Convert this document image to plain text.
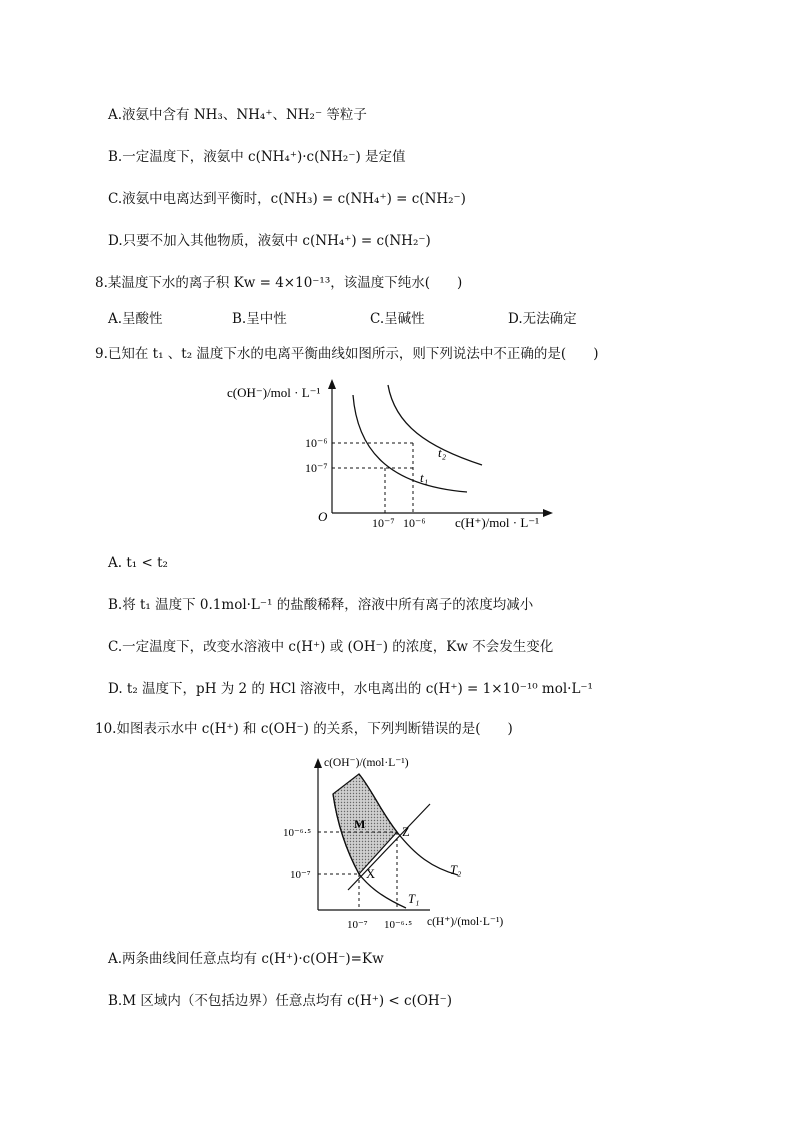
A.液氨中含有 NH₃、NH₄⁺、NH₂⁻ 等粒子
B.一定温度下，液氨中 c(NH₄⁺)·c(NH₂⁻) 是定值
C.液氨中电离达到平衡时，c(NH₃) = c(NH₄⁺) = c(NH₂⁻)
D.只要不加入其他物质，液氨中 c(NH₄⁺) = c(NH₂⁻)
8.某温度下水的离子积 Kw = 4×10⁻¹³，该温度下纯水(　　)
A.呈酸性	B.呈中性	C.呈碱性	D.无法确定
9.已知在 t₁ 、t₂ 温度下水的电离平衡曲线如图所示，则下列说法中不正确的是(　　)
c(OH⁻)/mol · L⁻¹
10⁻⁶
10⁻⁷
O	10⁻⁷ 10⁻⁶ c(H⁺)/mol · L⁻¹
t₂
t₁
A. t₁ < t₂
B.将 t₁ 温度下 0.1mol·L⁻¹ 的盐酸稀释，溶液中所有离子的浓度均减小
C.一定温度下，改变水溶液中 c(H⁺) 或 (OH⁻) 的浓度，Kw 不会发生变化
D. t₂ 温度下，pH 为 2 的 HCl 溶液中，水电离出的 c(H⁺) = 1×10⁻¹⁰ mol·L⁻¹
10.如图表示水中 c(H⁺) 和 c(OH⁻) 的关系，下列判断错误的是(　　)
c(OH⁻)/(mol·L⁻¹)
10⁻⁶·⁵
10⁻⁷
10⁻⁷ 10⁻⁶·⁵ c(H⁺)/(mol·L⁻¹)
M
Z
X	T₂
T₁
A.两条曲线间任意点均有 c(H⁺)·c(OH⁻)=Kw
B.M 区域内（不包括边界）任意点均有 c(H⁺) < c(OH⁻)
